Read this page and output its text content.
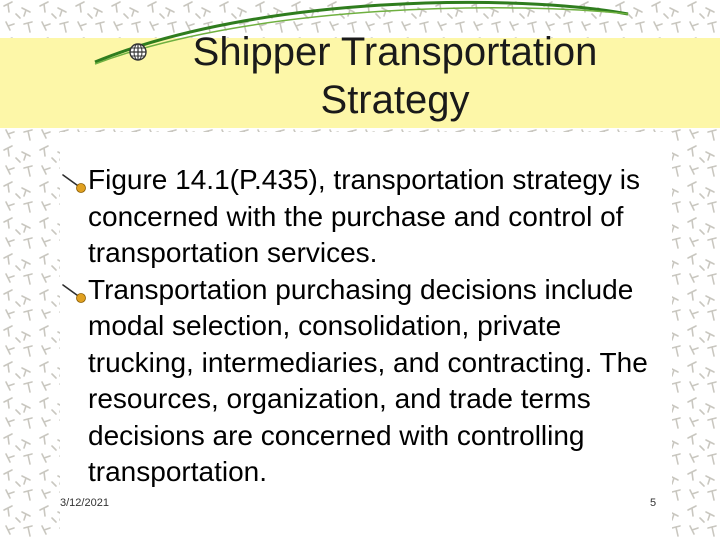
Shipper Transportation Strategy
Figure 14.1(P.435), transportation strategy is concerned with the purchase and control of transportation services.
Transportation purchasing decisions include modal selection, consolidation, private trucking, intermediaries, and contracting. The resources, organization, and trade terms decisions are concerned with controlling transportation.
3/12/2021	5
